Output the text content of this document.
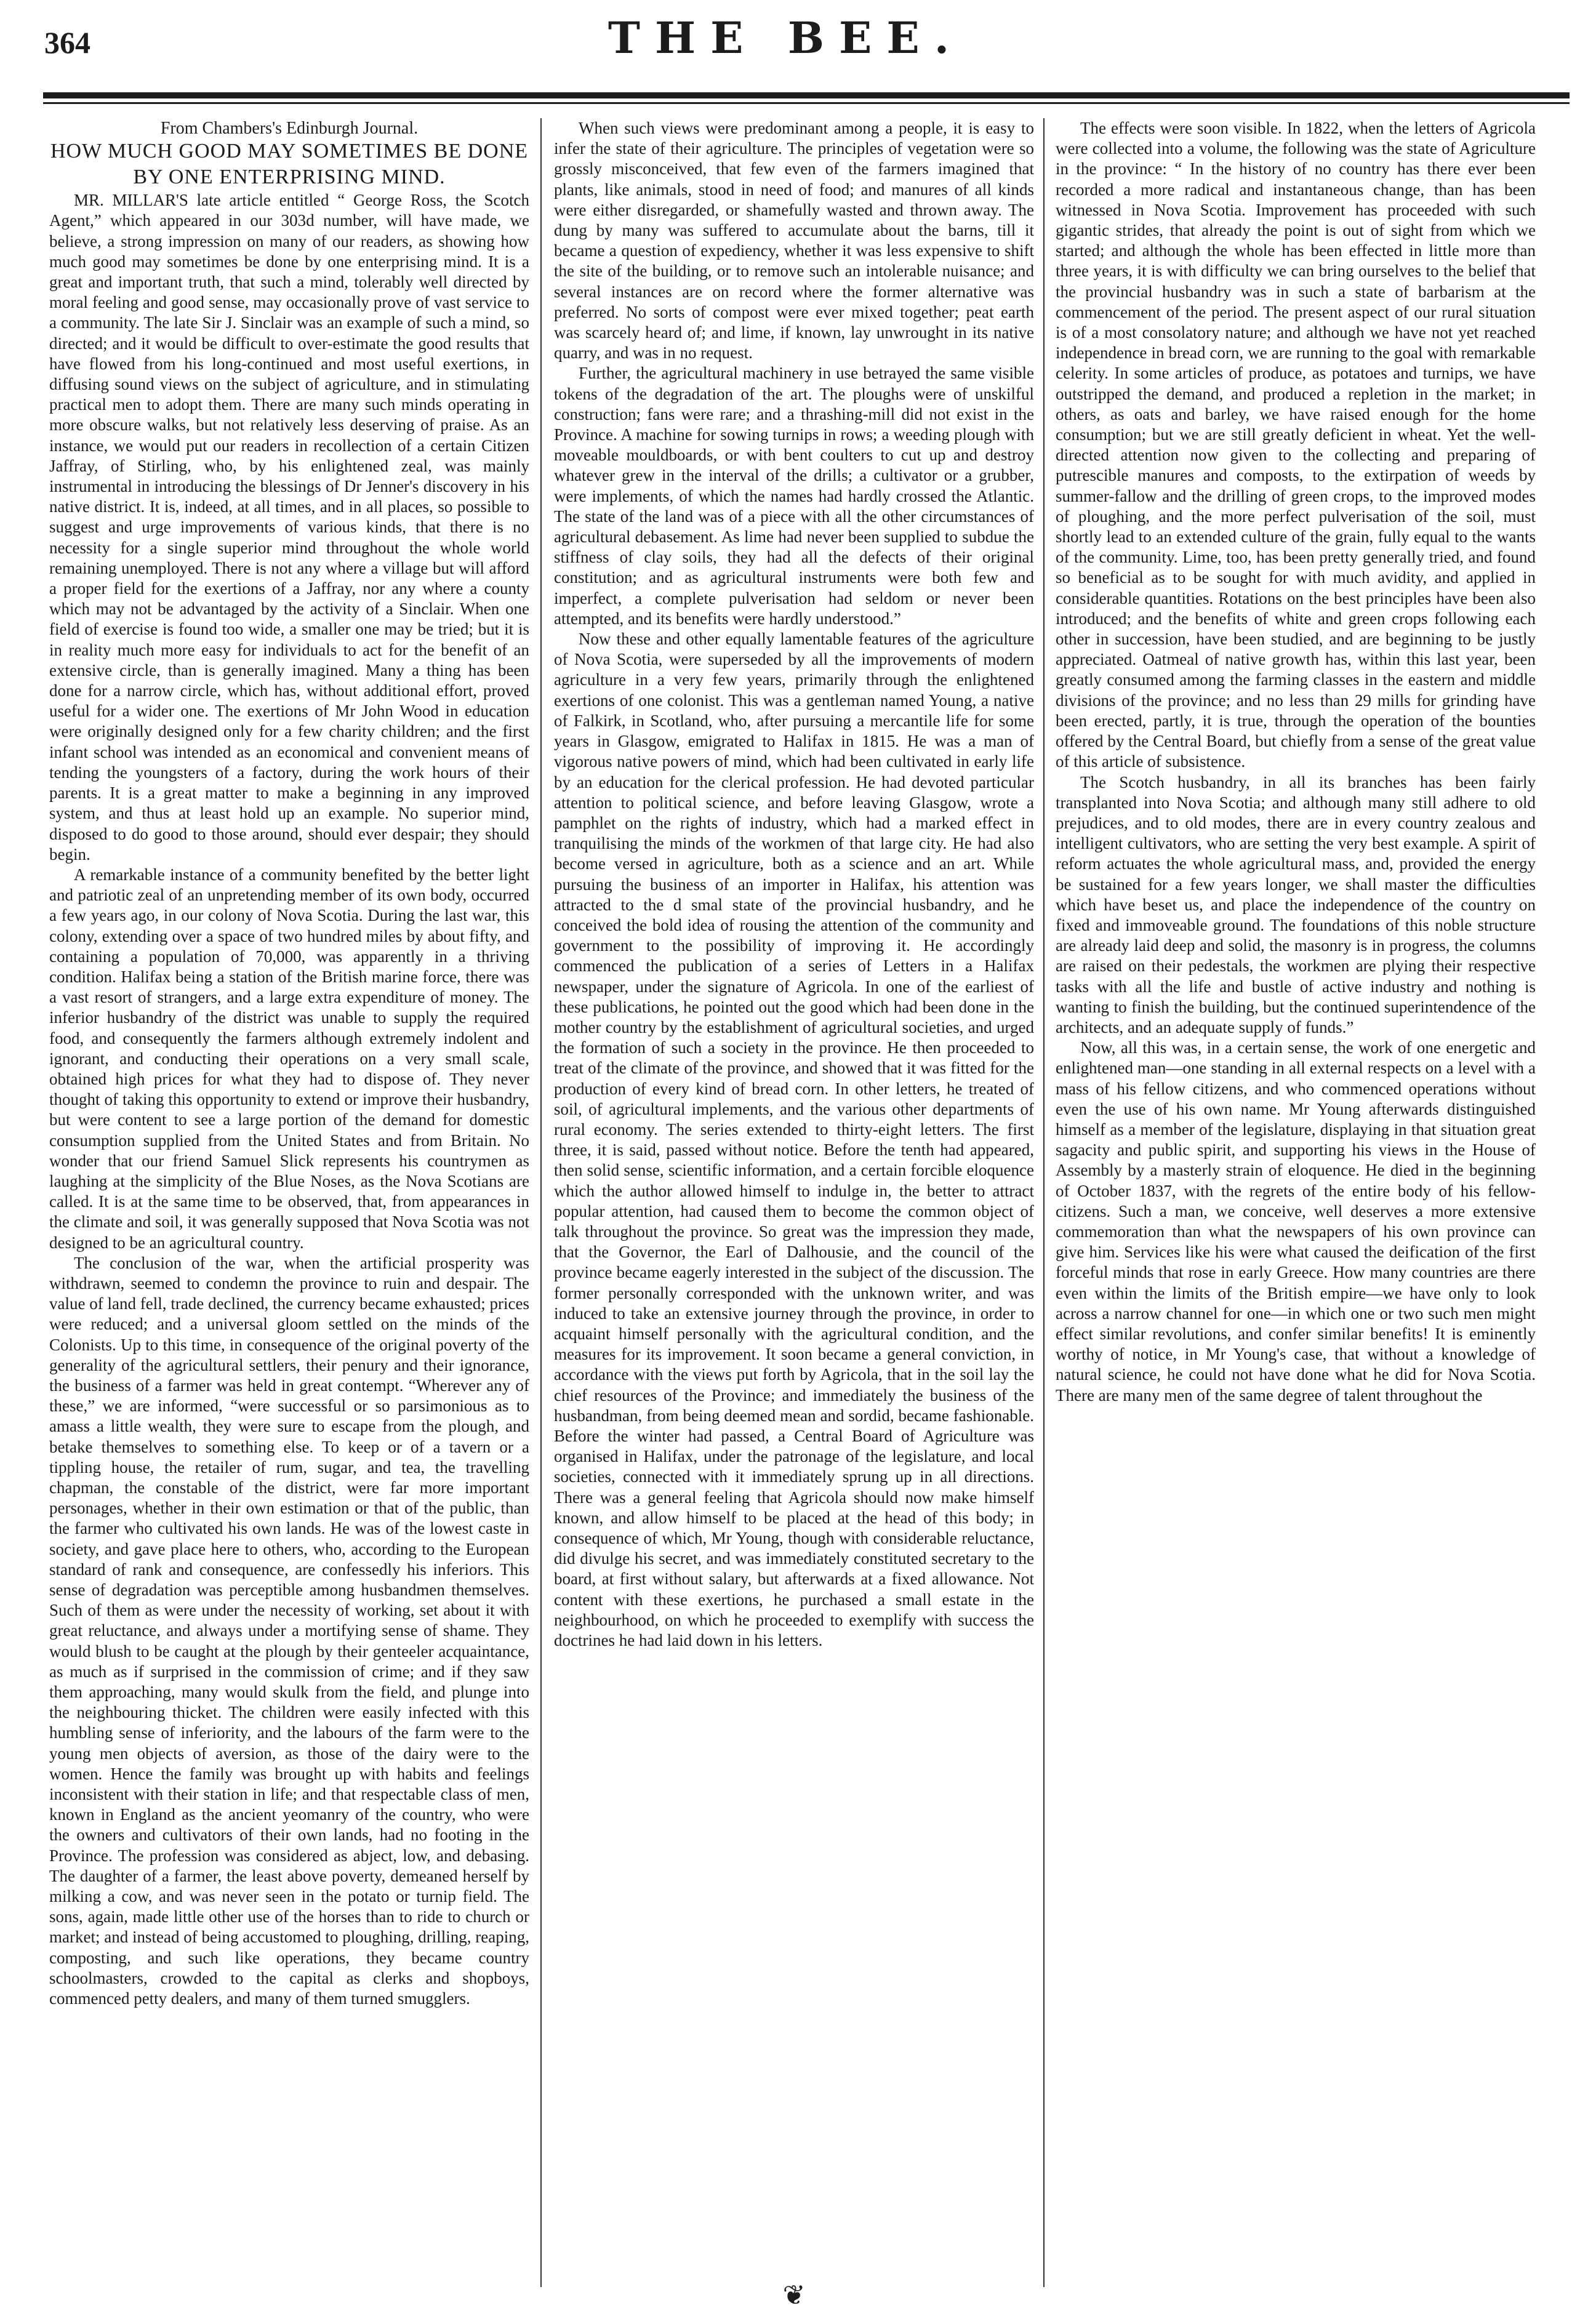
364	THE BEE.

From Chambers's Edinburgh Journal.

HOW MUCH GOOD MAY SOMETIMES BE DONE BY ONE ENTERPRISING MIND.

MR. MILLAR'S late article entitled “ George Ross, the Scotch Agent,” which appeared in our 303d number, will have made, we believe, a strong impression on many of our readers, as showing how much good may sometimes be done by one enterprising mind. It is a great and important truth, that such a mind, tolerably well directed by moral feeling and good sense, may occasionally prove of vast service to a community. The late Sir J. Sinclair was an example of such a mind, so directed; and it would be difficult to over-estimate the good results that have flowed from his long-continued and most useful exertions, in diffusing sound views on the subject of agriculture, and in stimulating practical men to adopt them. There are many such minds operating in more obscure walks, but not relatively less deserving of praise. As an instance, we would put our readers in recollection of a certain Citizen Jaffray, of Stirling, who, by his enlightened zeal, was mainly instrumental in introducing the blessings of Dr Jenner's discovery in his native district. It is, indeed, at all times, and in all places, so possible to suggest and urge improvements of various kinds, that there is no necessity for a single superior mind throughout the whole world remaining unemployed. There is not any where a village but will afford a proper field for the exertions of a Jaffray, nor any where a county which may not be advantaged by the activity of a Sinclair. When one field of exercise is found too wide, a smaller one may be tried; but it is in reality much more easy for individuals to act for the benefit of an extensive circle, than is generally imagined. Many a thing has been done for a narrow circle, which has, without additional effort, proved useful for a wider one. The exertions of Mr John Wood in education were originally designed only for a few charity children; and the first infant school was intended as an economical and convenient means of tending the youngsters of a factory, during the work hours of their parents. It is a great matter to make a beginning in any improved system, and thus at least hold up an example. No superior mind, disposed to do good to those around, should ever despair; they should begin.

A remarkable instance of a community benefited by the better light and patriotic zeal of an unpretending member of its own body, occurred a few years ago, in our colony of Nova Scotia. During the last war, this colony, extending over a space of two hundred miles by about fifty, and containing a population of 70,000, was apparently in a thriving condition. Halifax being a station of the British marine force, there was a vast resort of strangers, and a large extra expenditure of money. The inferior husbandry of the district was unable to supply the required food, and consequently the farmers although extremely indolent and ignorant, and conducting their operations on a very small scale, obtained high prices for what they had to dispose of. They never thought of taking this opportunity to extend or improve their husbandry, but were content to see a large portion of the demand for domestic consumption supplied from the United States and from Britain. No wonder that our friend Samuel Slick represents his countrymen as laughing at the simplicity of the Blue Noses, as the Nova Scotians are called. It is at the same time to be observed, that, from appearances in the climate and soil, it was generally supposed that Nova Scotia was not designed to be an agricultural country.

The conclusion of the war, when the artificial prosperity was withdrawn, seemed to condemn the province to ruin and despair. The value of land fell, trade declined, the currency became exhausted; prices were reduced; and a universal gloom settled on the minds of the Colonists. Up to this time, in consequence of the original poverty of the generality of the agricultural settlers, their penury and their ignorance, the business of a farmer was held in great contempt. “Wherever any of these,” we are informed, “were successful or so parsimonious as to amass a little wealth, they were sure to escape from the plough, and betake themselves to something else. To keep or of a tavern or a tippling house, the retailer of rum, sugar, and tea, the travelling chapman, the constable of the district, were far more important personages, whether in their own estimation or that of the public, than the farmer who cultivated his own lands. He was of the lowest caste in society, and gave place here to others, who, according to the European standard of rank and consequence, are confessedly his inferiors. This sense of degradation was perceptible among husbandmen themselves. Such of them as were under the necessity of working, set about it with great reluctance, and always under a mortifying sense of shame. They would blush to be caught at the plough by their genteeler acquaintance, as much as if surprised in the commission of crime; and if they saw them approaching, many would skulk from the field, and plunge into the neighbouring thicket. The children were easily infected with this humbling sense of inferiority, and the labours of the farm were to the young men objects of aversion, as those of the dairy were to the women. Hence the family was brought up with habits and feelings inconsistent with their station in life; and that respectable class of men, known in England as the ancient yeomanry of the country, who were the owners and cultivators of their own lands, had no footing in the Province. The profession was considered as abject, low, and debasing. The daughter of a farmer, the least above poverty, demeaned herself by milking a cow, and was never seen in the potato or turnip field. The sons, again, made little other use of the horses than to ride to church or market; and instead of being accustomed to ploughing, drilling, reaping, composting, and such like operations, they became country schoolmasters, crowded to the capital as clerks and shopboys, commenced petty dealers, and many of them turned smugglers.

When such views were predominant among a people, it is easy to infer the state of their agriculture. The principles of vegetation were so grossly misconceived, that few even of the farmers imagined that plants, like animals, stood in need of food; and manures of all kinds were either disregarded, or shamefully wasted and thrown away. The dung by many was suffered to accumulate about the barns, till it became a question of expediency, whether it was less expensive to shift the site of the building, or to remove such an intolerable nuisance; and several instances are on record where the former alternative was preferred. No sorts of compost were ever mixed together; peat earth was scarcely heard of; and lime, if known, lay unwrought in its native quarry, and was in no request.

Further, the agricultural machinery in use betrayed the same visible tokens of the degradation of the art. The ploughs were of unskilful construction; fans were rare; and a thrashing-mill did not exist in the Province. A machine for sowing turnips in rows; a weeding plough with moveable mouldboards, or with bent coulters to cut up and destroy whatever grew in the interval of the drills; a cultivator or a grubber, were implements, of which the names had hardly crossed the Atlantic. The state of the land was of a piece with all the other circumstances of agricultural debasement. As lime had never been supplied to subdue the stiffness of clay soils, they had all the defects of their original constitution; and as agricultural instruments were both few and imperfect, a complete pulverisation had seldom or never been attempted, and its benefits were hardly understood.”

Now these and other equally lamentable features of the agriculture of Nova Scotia, were superseded by all the improvements of modern agriculture in a very few years, primarily through the enlightened exertions of one colonist. This was a gentleman named Young, a native of Falkirk, in Scotland, who, after pursuing a mercantile life for some years in Glasgow, emigrated to Halifax in 1815. He was a man of vigorous native powers of mind, which had been cultivated in early life by an education for the clerical profession. He had devoted particular attention to political science, and before leaving Glasgow, wrote a pamphlet on the rights of industry, which had a marked effect in tranquilising the minds of the workmen of that large city. He had also become versed in agriculture, both as a science and an art. While pursuing the business of an importer in Halifax, his attention was attracted to the d smal state of the provincial husbandry, and he conceived the bold idea of rousing the attention of the community and government to the possibility of improving it. He accordingly commenced the publication of a series of Letters in a Halifax newspaper, under the signature of Agricola. In one of the earliest of these publications, he pointed out the good which had been done in the mother country by the establishment of agricultural societies, and urged the formation of such a society in the province. He then proceeded to treat of the climate of the province, and showed that it was fitted for the production of every kind of bread corn. In other letters, he treated of soil, of agricultural implements, and the various other departments of rural economy. The series extended to thirty-eight letters. The first three, it is said, passed without notice. Before the tenth had appeared, then solid sense, scientific information, and a certain forcible eloquence which the author allowed himself to indulge in, the better to attract popular attention, had caused them to become the common object of talk throughout the province. So great was the impression they made, that the Governor, the Earl of Dalhousie, and the council of the province became eagerly interested in the subject of the discussion. The former personally corresponded with the unknown writer, and was induced to take an extensive journey through the province, in order to acquaint himself personally with the agricultural condition, and the measures for its improvement. It soon became a general conviction, in accordance with the views put forth by Agricola, that in the soil lay the chief resources of the Province; and immediately the business of the husbandman, from being deemed mean and sordid, became fashionable. Before the winter had passed, a Central Board of Agriculture was organised in Halifax, under the patronage of the legislature, and local societies, connected with it immediately sprung up in all directions. There was a general feeling that Agricola should now make himself known, and allow himself to be placed at the head of this body; in consequence of which, Mr Young, though with considerable reluctance, did divulge his secret, and was immediately constituted secretary to the board, at first without salary, but afterwards at a fixed allowance. Not content with these exertions, he purchased a small estate in the neighbourhood, on which he proceeded to exemplify with success the doctrines he had laid down in his letters.

The effects were soon visible. In 1822, when the letters of Agricola were collected into a volume, the following was the state of Agriculture in the province: “ In the history of no country has there ever been recorded a more radical and instantaneous change, than has been witnessed in Nova Scotia. Improvement has proceeded with such gigantic strides, that already the point is out of sight from which we started; and although the whole has been effected in little more than three years, it is with difficulty we can bring ourselves to the belief that the provincial husbandry was in such a state of barbarism at the commencement of the period. The present aspect of our rural situation is of a most consolatory nature; and although we have not yet reached independence in bread corn, we are running to the goal with remarkable celerity. In some articles of produce, as potatoes and turnips, we have outstripped the demand, and produced a repletion in the market; in others, as oats and barley, we have raised enough for the home consumption; but we are still greatly deficient in wheat. Yet the well-directed attention now given to the collecting and preparing of putrescible manures and composts, to the extirpation of weeds by summer-fallow and the drilling of green crops, to the improved modes of ploughing, and the more perfect pulverisation of the soil, must shortly lead to an extended culture of the grain, fully equal to the wants of the community. Lime, too, has been pretty generally tried, and found so beneficial as to be sought for with much avidity, and applied in considerable quantities. Rotations on the best principles have been also introduced; and the benefits of white and green crops following each other in succession, have been studied, and are beginning to be justly appreciated. Oatmeal of native growth has, within this last year, been greatly consumed among the farming classes in the eastern and middle divisions of the province; and no less than 29 mills for grinding have been erected, partly, it is true, through the operation of the bounties offered by the Central Board, but chiefly from a sense of the great value of this article of subsistence.

The Scotch husbandry, in all its branches has been fairly transplanted into Nova Scotia; and although many still adhere to old prejudices, and to old modes, there are in every country zealous and intelligent cultivators, who are setting the very best example. A spirit of reform actuates the whole agricultural mass, and, provided the energy be sustained for a few years longer, we shall master the difficulties which have beset us, and place the independence of the country on fixed and immoveable ground. The foundations of this noble structure are already laid deep and solid, the masonry is in progress, the columns are raised on their pedestals, the workmen are plying their respective tasks with all the life and bustle of active industry and nothing is wanting to finish the building, but the continued superintendence of the architects, and an adequate supply of funds.”

Now, all this was, in a certain sense, the work of one energetic and enlightened man—one standing in all external respects on a level with a mass of his fellow citizens, and who commenced operations without even the use of his own name. Mr Young afterwards distinguished himself as a member of the legislature, displaying in that situation great sagacity and public spirit, and supporting his views in the House of Assembly by a masterly strain of eloquence. He died in the beginning of October 1837, with the regrets of the entire body of his fellow-citizens. Such a man, we conceive, well deserves a more extensive commemoration than what the newspapers of his own province can give him. Services like his were what caused the deification of the first forceful minds that rose in early Greece. How many countries are there even within the limits of the British empire—we have only to look across a narrow channel for one—in which one or two such men might effect similar revolutions, and confer similar benefits! It is eminently worthy of notice, in Mr Young's case, that without a knowledge of natural science, he could not have done what he did for Nova Scotia. There are many men of the same degree of talent throughout the

❦
